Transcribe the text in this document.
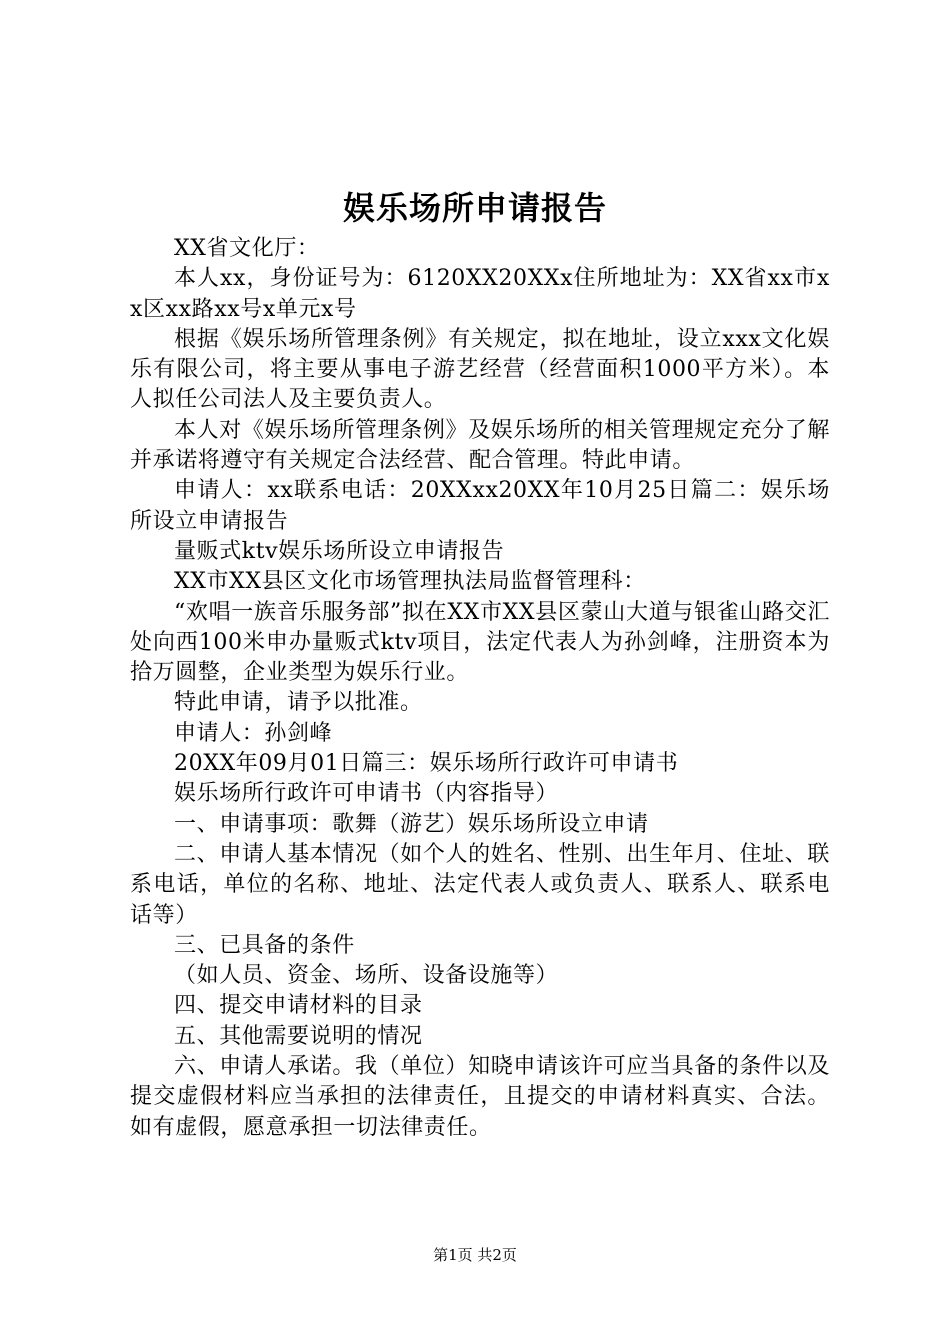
娱乐场所申请报告

XX省文化厅：

本人xx，身份证号为：6120XX20XXx住所地址为：XX省xx市xx区xx路xx号x单元x号

根据《娱乐场所管理条例》有关规定，拟在地址，设立xxx文化娱乐有限公司，将主要从事电子游艺经营（经营面积1000平方米）。本人拟任公司法人及主要负责人。

本人对《娱乐场所管理条例》及娱乐场所的相关管理规定充分了解并承诺将遵守有关规定合法经营、配合管理。特此申请。

申请人：xx联系电话：20XXxx20XX年10月25日篇二：娱乐场所设立申请报告

量贩式ktv娱乐场所设立申请报告

XX市XX县区文化市场管理执法局监督管理科：

“欢唱一族音乐服务部”拟在XX市XX县区蒙山大道与银雀山路交汇处向西100米申办量贩式ktv项目，法定代表人为孙剑峰，注册资本为拾万圆整，企业类型为娱乐行业。

特此申请，请予以批准。

申请人：孙剑峰

20XX年09月01日篇三：娱乐场所行政许可申请书

娱乐场所行政许可申请书（内容指导）

一、申请事项：歌舞（游艺）娱乐场所设立申请

二、申请人基本情况（如个人的姓名、性别、出生年月、住址、联系电话，单位的名称、地址、法定代表人或负责人、联系人、联系电话等）

三、已具备的条件

（如人员、资金、场所、设备设施等）

四、提交申请材料的目录

五、其他需要说明的情况

六、申请人承诺。我（单位）知晓申请该许可应当具备的条件以及提交虚假材料应当承担的法律责任，且提交的申请材料真实、合法。如有虚假，愿意承担一切法律责任。

第1页 共2页
